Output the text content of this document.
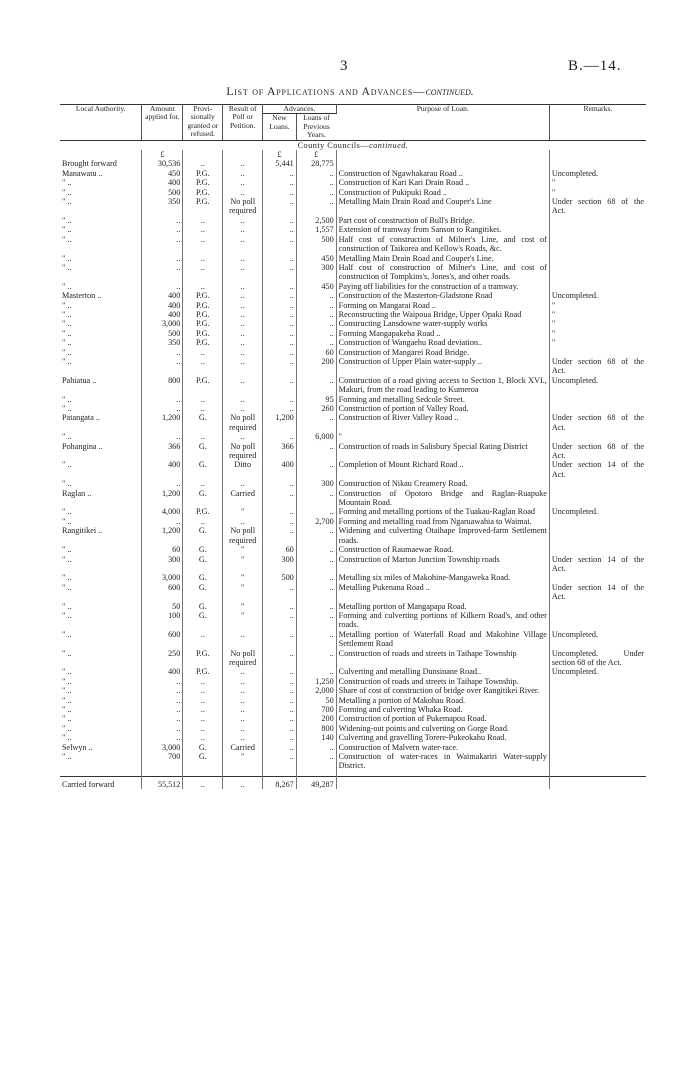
3	B.—14.
List of Applications and Advances—continued.
Local Authority.	Amount applied for.	Provi-sionally granted or refused.	Result of Poll or Petition.	Advances.		Purpose of Loan.	Remarks.
				New Loans.	Loans of Previous Years.		
County Councils—continued.							
	£			£	£		
Brought forward	30,536	..	..	5,441	28,775		
Manawatu ..	450	P.G.	..	..	..	Construction of Ngawhakarau Road ..	Uncompleted.
" ..	400	P.G.	..	..	..	Construction of Kari Kari Drain Road ..	"
" ..	500	P.G.	..	..	..	Construction of Pukipuki Road ..	"
" ..	350	P.G.	No poll required	..	..	Metalling Main Drain Road and Couper's Line	Under section 68 of the Act.
" ..	..	..	..	..	2,500	Part cost of construction of Bull's Bridge.	
" ..	..	..	..	..	1,557	Extension of tramway from Sanson to Rangitikei.	
" ..	..	..	..	..	500	Half cost of construction of Milner's Line, and cost of construction of Taikorea and Kellow's Roads, &c.	
" ..	..	..	..	..	450	Metalling Main Drain Road and Couper's Line.	
" ..	..	..	..	..	300	Half cost of construction of Milner's Line, and cost of construction of Tompkins's, Jones's, and other roads.	
" ..	..	..	..	..	450	Paying off liabilities for the construction of a tramway.	
Masterton ..	400	P.G.	..	..	..	Construction of the Masterton-Gladstone Road	Uncompleted.
" ..	400	P.G.	..	..	..	Forming on Mangarai Road ..	"
" ..	400	P.G.	..	..	..	Reconstructing the Waipoua Bridge, Upper Opaki Road	"
" ..	3,000	P.G.	..	..	..	Constructing Lansdowne water-supply works	"
" ..	500	P.G.	..	..	..	Forming Mangapakeha Road ..	"
" ..	350	P.G.	..	..	..	Construction of Wangaehu Road deviation..	"
" ..	..	..	..	..	60	Construction of Mangarei Road Bridge.	
" ..	..	..	..	..	200	Construction of Upper Plain water-supply ..	Under section 68 of the Act.
Pahiatua ..	800	P.G.	..	..	..	Construction of a road giving access to Section 1, Block XVI., Makuri, from the road leading to Kumeroa	Uncompleted.
" ..	..	..	..	..	95	Forming and metalling Sedcole Street.	
" ..	..	..	..	..	260	Construction of portion of Valley Road.	
Patangata ..	1,200	G.	No poll required	1,200	..	Construction of River Valley Road ..	Under section 68 of the Act.
" ..	..	..	..	..	6,000	"	
Pohangina ..	366	G.	No poll required	366	..	Construction of roads in Salisbury Special Rating District	Under section 68 of the Act.
" ..	400	G.	Ditto	400	..	Completion of Mount Richard Road ..	Under section 14 of the Act.
" ..	..	..	..	..	300	Construction of Nikau Creamery Road.	
Raglan ..	1,200	G.	Carried	..	..	Construction of Opotoro Bridge and Raglan-Ruapuke Mountain Road.	
" ..	4,000	P.G.	"	..	..	Forming and metalling portions of the Tuakau-Raglan Road	Uncompleted.
" ..	..	..	..	..	2,700	Forming and metalling road from Ngaruawahia to Waimai.	
Rangitikei ..	1,200	G.	No poll required	..	..	Widening and culverting Otaihape Improved-farm Settlement roads.	
" ..	60	G.	"	60	..	Construction of Raumaewae Road.	
" ..	300	G.	"	300	..	Construction of Marton Junction Township roads	Under section 14 of the Act.
" ..	3,000	G.	"	500	..	Metalling six miles of Makohine-Mangaweka Road.	
" ..	600	G.	"	..	..	Metalling Pukenana Road ..	Under section 14 of the Act.
" ..	50	G.	"	..	..	Metalling portion of Mangapapa Road.	
" ..	100	G.	"	..	..	Forming and culverting portions of Kilkern Road's, and other roads.	
" ..	600	..	..	..	..	Metalling portion of Waterfall Road and Makohine Village Settlement Road	Uncompleted.
" ..	250	P.G.	No poll required	..	..	Construction of roads and streets in Taihape Township	Uncompleted. Under section 68 of the Act.
" ..	400	P.G.	..	..	..	Culverting and metalling Dunsinane Road..	Uncompleted.
" ..	..	..	..	..	1,250	Construction of roads and streets in Taihape Township.	
" ..	..	..	..	..	2,000	Share of cost of construction of bridge over Rangitikei River.	
" ..	..	..	..	..	50	Metalling a portion of Makohau Road.	
" ..	..	..	..	..	700	Forming and culverting Whaka Road.	
" ..	..	..	..	..	200	Construction of portion of Pukemapou Road.	
" ..	..	..	..	..	800	Widening-out points and culverting on Gorge Road.	
" ..	..	..	..	..	140	Culverting and gravelling Torere-Pukeokahu Road.	
Selwyn ..	3,000	G.	Carried	..	..	Construction of Malvern water-race.	
" ..	700	G.	"	..	..	Construction of water-races in Waimakariri Water-supply District.	

Carried forward	55,512	..	..	8,267	49,287		
